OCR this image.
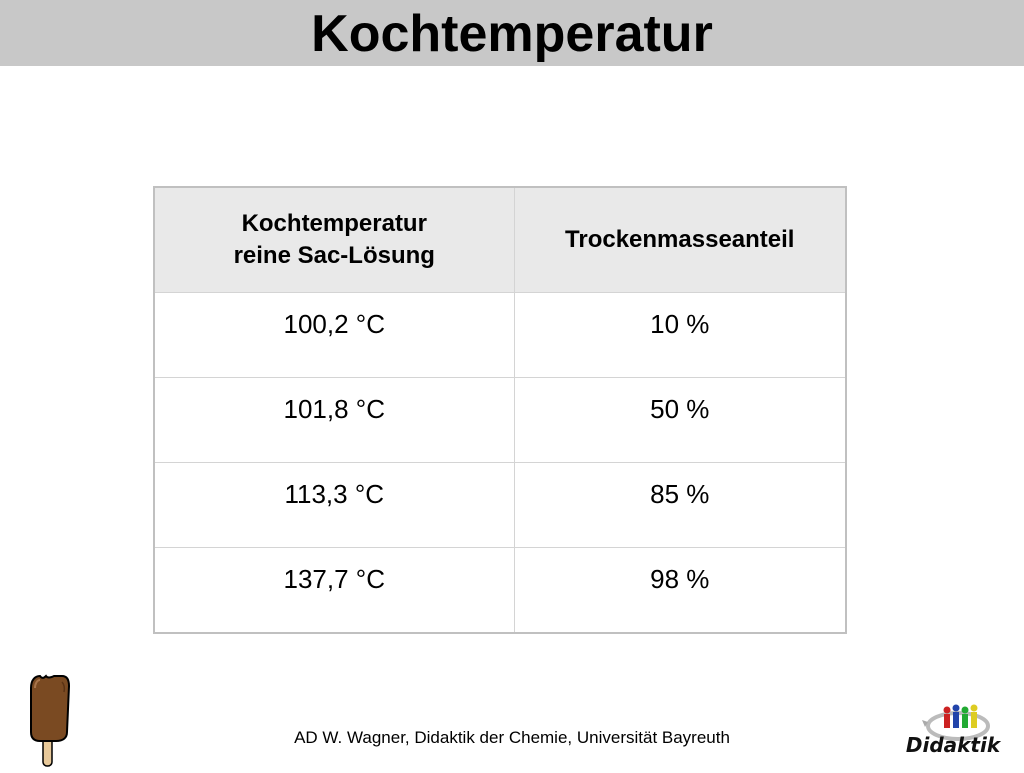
Kochtemperatur
Kochtemperatur
reine Sac-Lösung	Trockenmasseanteil

100,2 °C	10 %

101,8 °C	50 %

113,3 °C	85 %

137,7 °C	98 %
AD W. Wagner, Didaktik der Chemie, Universität Bayreuth	Didaktik
